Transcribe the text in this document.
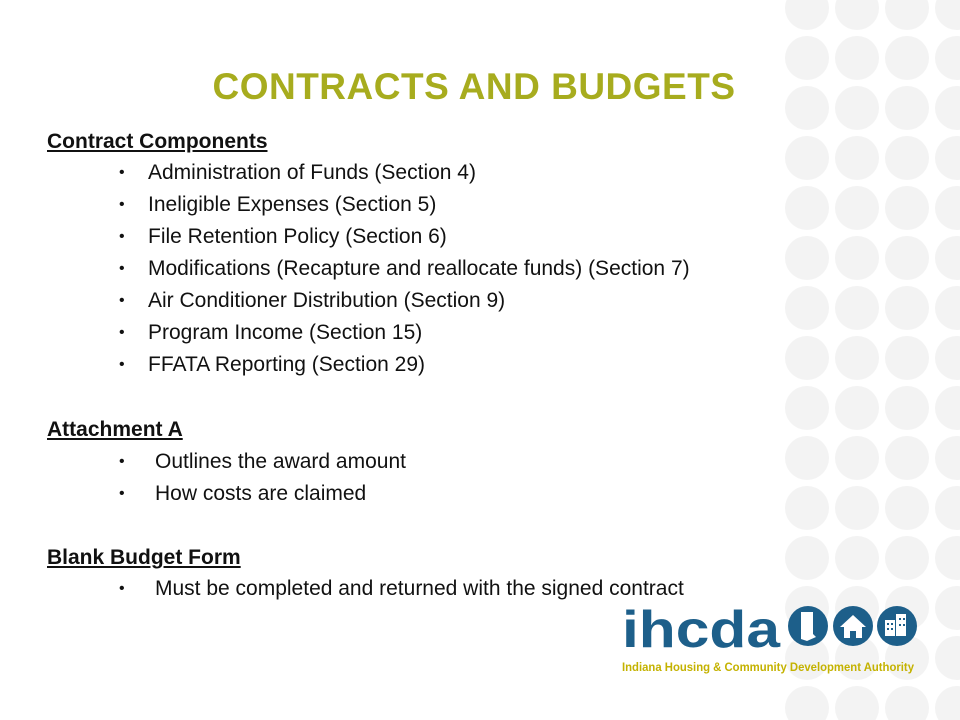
CONTRACTS AND BUDGETS

Contract Components

• Administration of Funds (Section 4)
• Ineligible Expenses (Section 5)
• File Retention Policy (Section 6)
• Modifications (Recapture and reallocate funds) (Section 7)
• Air Conditioner Distribution (Section 9)
• Program Income (Section 15)
• FFATA Reporting (Section 29)

Attachment A

• Outlines the award amount
• How costs are claimed

Blank Budget Form

• Must be completed and returned with the signed contract
ihcda
Indiana Housing & Community Development Authority
